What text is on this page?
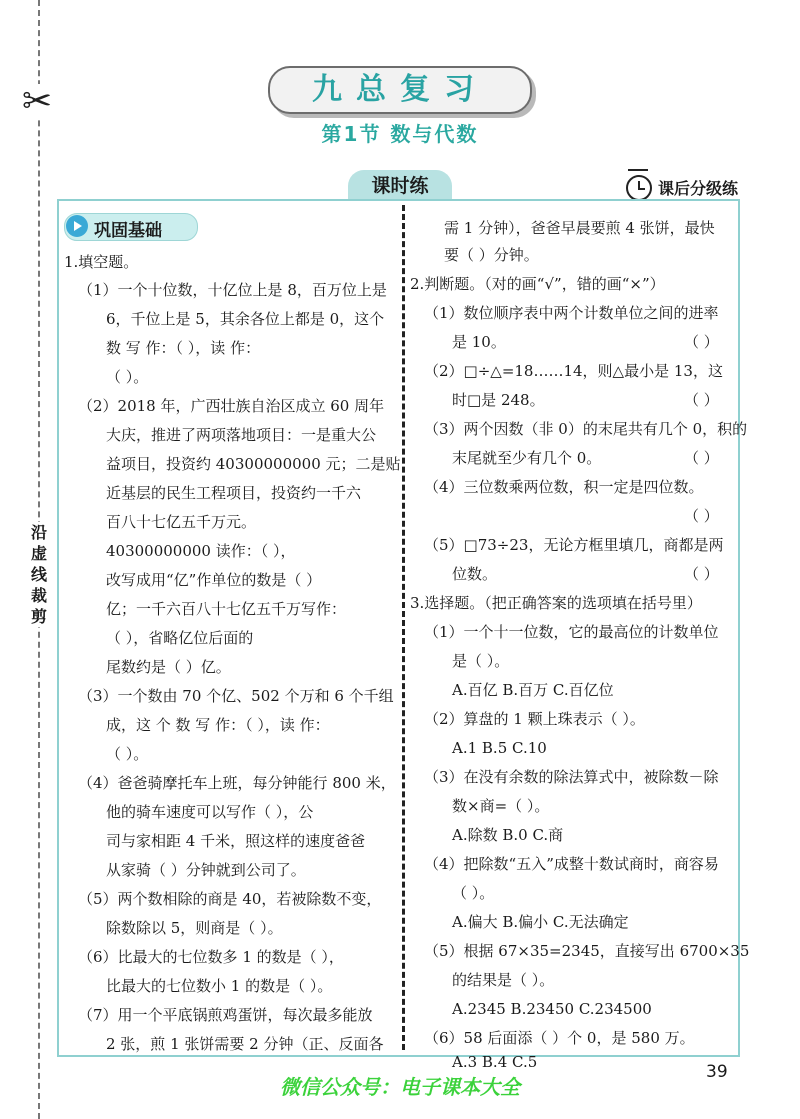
✂
沿
虚
线
裁
剪
九总复习
第1节 数与代数
课时练	课后分级练
巩固基础
1.填空题。
（1）一个十位数，十亿位上是 8，百万位上是
6，千位上是 5，其余各位上都是 0，这个
数 写 作：（ ），读 作：
（ ）。
（2）2018 年，广西壮族自治区成立 60 周年
大庆，推进了两项落地项目：一是重大公
益项目，投资约 40300000000 元；二是贴
近基层的民生工程项目，投资约一千六
百八十七亿五千万元。
40300000000 读作：（ ），
改写成用“亿”作单位的数是（ ）
亿；一千六百八十七亿五千万写作：
（ ），省略亿位后面的
尾数约是（ ）亿。
（3）一个数由 70 个亿、502 个万和 6 个千组
成，这 个 数 写 作：（ ），读 作：
（ ）。
（4）爸爸骑摩托车上班，每分钟能行 800 米，
他的骑车速度可以写作（ ），公
司与家相距 4 千米，照这样的速度爸爸
从家骑（ ）分钟就到公司了。
（5）两个数相除的商是 40，若被除数不变，
除数除以 5，则商是（ ）。
（6）比最大的七位数多 1 的数是（ ），
比最大的七位数小 1 的数是（ ）。
（7）用一个平底锅煎鸡蛋饼，每次最多能放
2 张，煎 1 张饼需要 2 分钟（正、反面各
需 1 分钟），爸爸早晨要煎 4 张饼，最快
要（ ）分钟。
2.判断题。（对的画“√”，错的画“×”）
（1）数位顺序表中两个计数单位之间的进率
是 10。	（ ）
（2）□÷△=18……14，则△最小是 13，这
时□是 248。	（ ）
（3）两个因数（非 0）的末尾共有几个 0，积的
末尾就至少有几个 0。	（ ）
（4）三位数乘两位数，积一定是四位数。
（ ）
（5）□73÷23，无论方框里填几，商都是两
位数。	（ ）
3.选择题。（把正确答案的选项填在括号里）
（1）一个十一位数，它的最高位的计数单位
是（ ）。
A.百亿 B.百万 C.百亿位
（2）算盘的 1 颗上珠表示（ ）。
A.1 B.5 C.10
（3）在没有余数的除法算式中，被除数－除
数×商=（ ）。
A.除数 B.0 C.商
（4）把除数“五入”成整十数试商时，商容易
（ ）。
A.偏大 B.偏小 C.无法确定
（5）根据 67×35=2345，直接写出 6700×35
的结果是（ ）。
A.2345 B.23450 C.234500
（6）58 后面添（ ）个 0，是 580 万。
A.3 B.4 C.5	39
微信公众号：电子课本大全
